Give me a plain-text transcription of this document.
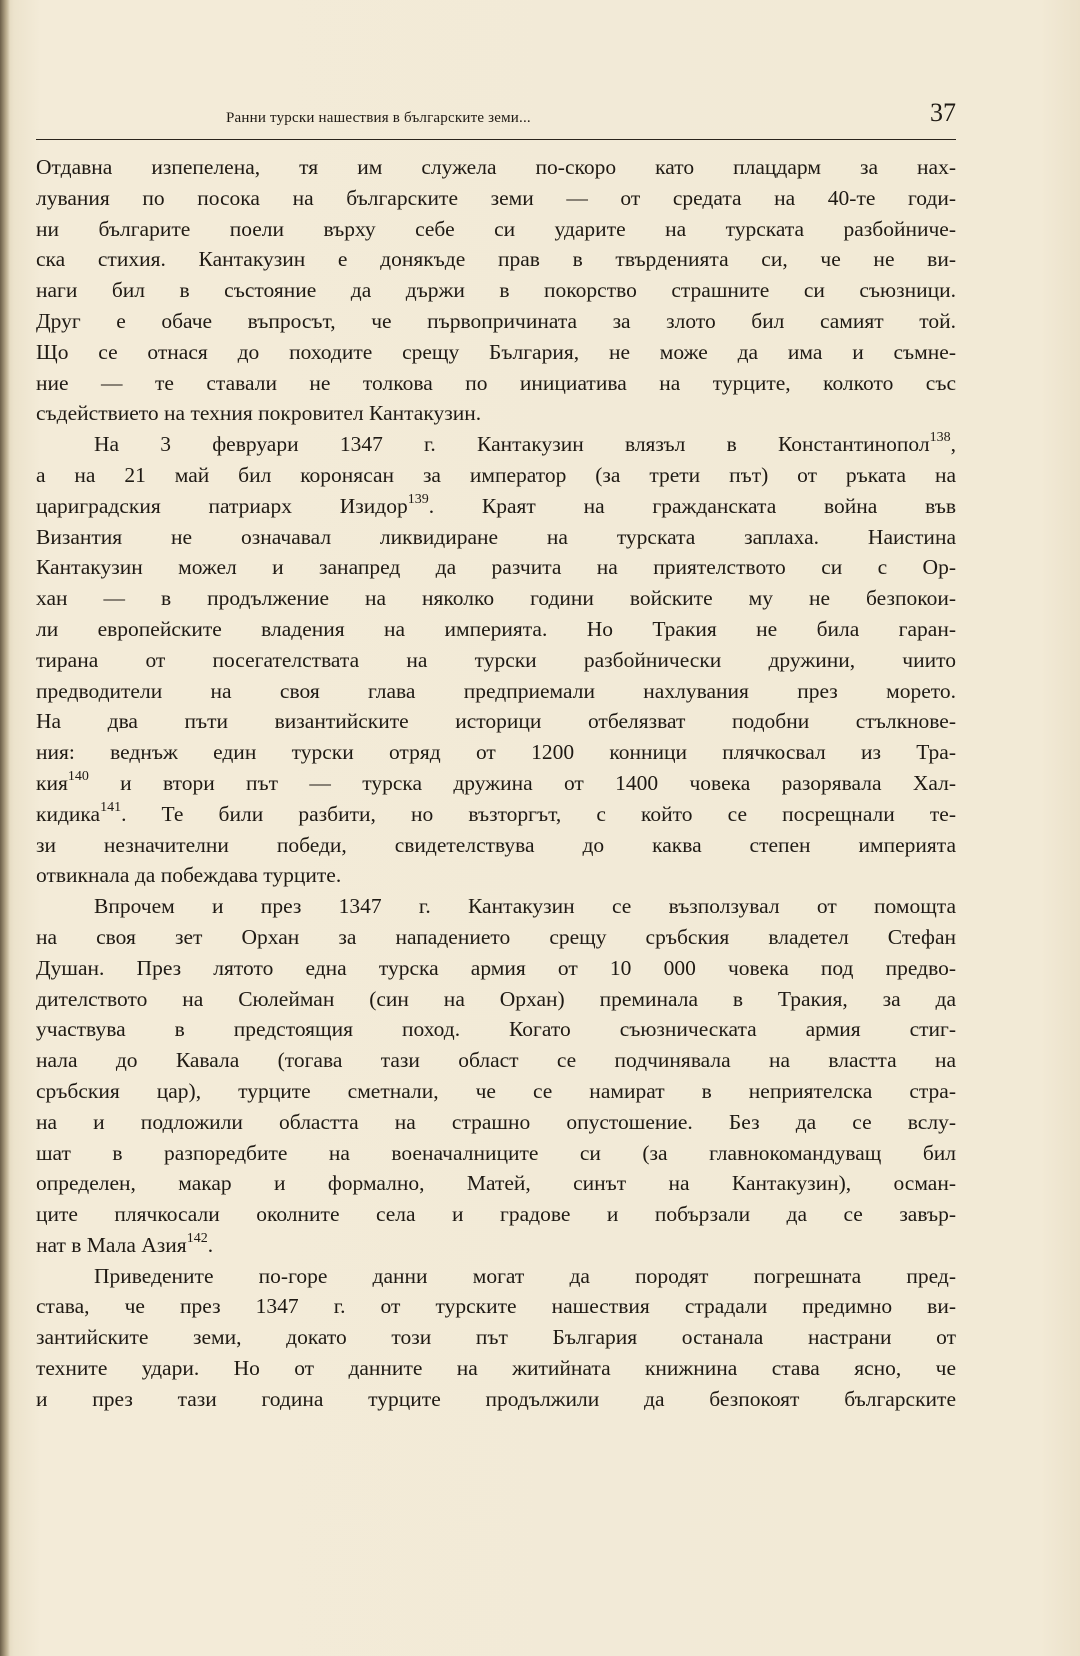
Ранни турски нашествия в българските земи...	37
Отдавна изпепелена, тя им служела по-скоро като плацдарм за нах-
лувания по посока на българските земи — от средата на 40-те годи-
ни българите поели върху себе си ударите на турската разбойниче-
ска стихия. Кантакузин е донякъде прав в твърденията си, че не ви-
наги бил в състояние да държи в покорство страшните си съюзници.
Друг е обаче въпросът, че първопричината за злото бил самият той.
Що се отнася до походите срещу България, не може да има и съмне-
ние — те ставали не толкова по инициатива на турците, колкото със
съдействието на техния покровител Кантакузин.
На 3 февруари 1347 г. Кантакузин влязъл в Константинопол$^{138}$,
а на 21 май бил коронясан за император (за трети път) от ръката на
цариградския патриарх Изидор$^{139}$. Краят на гражданската война във
Византия не означавал ликвидиране на турската заплаха. Наистина
Кантакузин можел и занапред да разчита на приятелството си с Ор-
хан — в продължение на няколко години войските му не безпокои-
ли европейските владения на империята. Но Тракия не била гаран-
тирана от посегателствата на турски разбойнически дружини, чиито
предводители на своя глава предприемали нахлувания през морето.
На два пъти византийските историци отбелязват подобни стълкнове-
ния: веднъж един турски отряд от 1200 конници плячкосвал из Тра-
кия$^{140}$ и втори път — турска дружина от 1400 човека разорявала Хал-
кидика$^{141}$. Те били разбити, но възторгът, с който се посрещнали те-
зи незначителни победи, свидетелствува до каква степен империята
отвикнала да побеждава турците.
Впрочем и през 1347 г. Кантакузин се възползувал от помощта
на своя зет Орхан за нападението срещу сръбския владетел Стефан
Душан. През лятото една турска армия от 10 000 човека под предво-
дителството на Сюлейман (син на Орхан) преминала в Тракия, за да
участвува в предстоящия поход. Когато съюзническата армия стиг-
нала до Кавала (тогава тази област се подчинявала на властта на
сръбския цар), турците сметнали, че се намират в неприятелска стра-
на и подложили областта на страшно опустошение. Без да се вслу-
шат в разпоредбите на военачалниците си (за главнокомандуващ бил
определен, макар и формално, Матей, синът на Кантакузин), осман-
ците плячкосали околните села и градове и побързали да се завър-
нат в Мала Азия$^{142}$.
Приведените по-горе данни могат да породят погрешната пред-
става, че през 1347 г. от турските нашествия страдали предимно ви-
зантийските земи, докато този път България останала настрани от
техните удари. Но от данните на житийната книжнина става ясно, че
и през тази година турците продължили да безпокоят българските
